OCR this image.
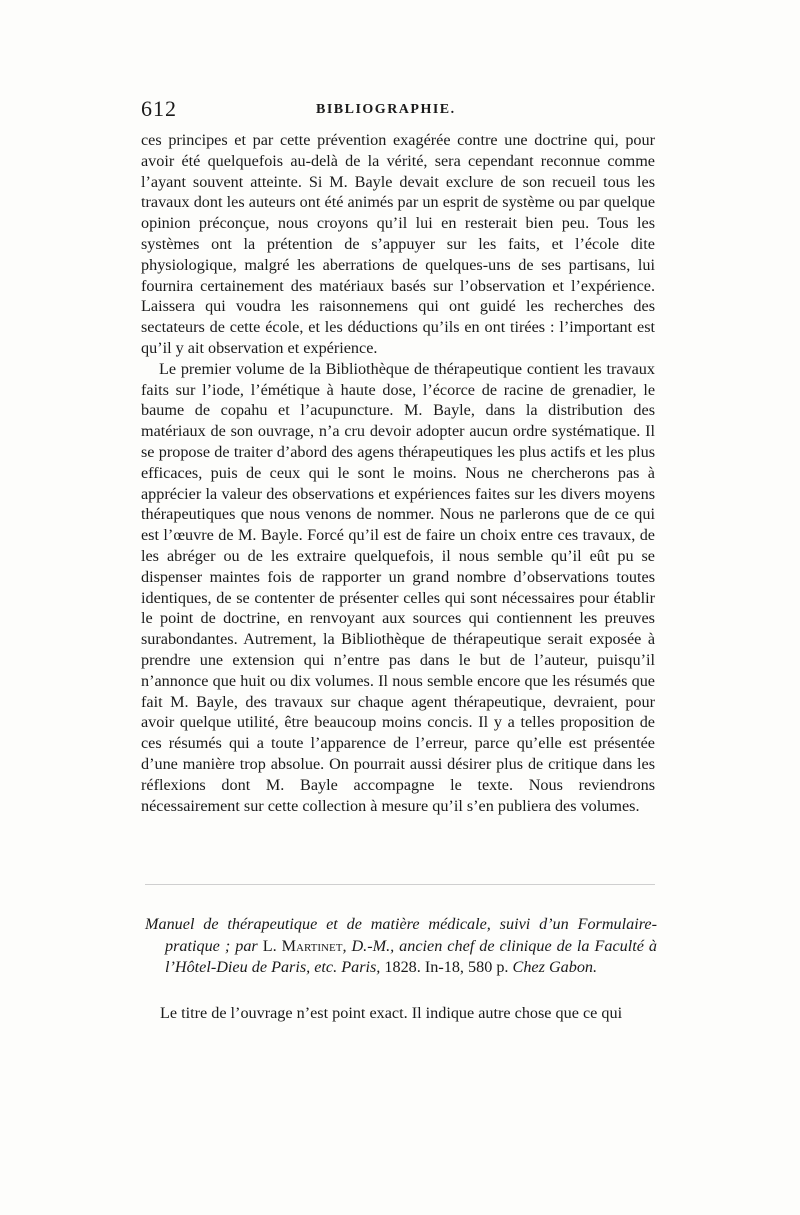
612	BIBLIOGRAPHIE.

ces principes et par cette prévention exagérée contre une doctrine qui, pour avoir été quelquefois au-delà de la vérité, sera cependant reconnue comme l’ayant souvent atteinte. Si M. Bayle devait exclure de son recueil tous les travaux dont les auteurs ont été animés par un esprit de système ou par quelque opinion préconçue, nous croyons qu’il lui en resterait bien peu. Tous les systèmes ont la prétention de s’appuyer sur les faits, et l’école dite physiologique, malgré les aberrations de quelques-uns de ses partisans, lui fournira certainement des matériaux basés sur l’observation et l’expérience. Laissera qui voudra les raisonnemens qui ont guidé les recherches des sectateurs de cette école, et les déductions qu’ils en ont tirées : l’important est qu’il y ait observation et expérience.

Le premier volume de la Bibliothèque de thérapeutique contient les travaux faits sur l’iode, l’émétique à haute dose, l’écorce de racine de grenadier, le baume de copahu et l’acupuncture. M. Bayle, dans la distribution des matériaux de son ouvrage, n’a cru devoir adopter aucun ordre systématique. Il se propose de traiter d’abord des agens thérapeutiques les plus actifs et les plus efficaces, puis de ceux qui le sont le moins. Nous ne chercherons pas à apprécier la valeur des observations et expériences faites sur les divers moyens thérapeutiques que nous venons de nommer. Nous ne parlerons que de ce qui est l’œuvre de M. Bayle. Forcé qu’il est de faire un choix entre ces travaux, de les abréger ou de les extraire quelquefois, il nous semble qu’il eût pu se dispenser maintes fois de rapporter un grand nombre d’observations toutes identiques, de se contenter de présenter celles qui sont nécessaires pour établir le point de doctrine, en renvoyant aux sources qui contiennent les preuves surabondantes. Autrement, la Bibliothèque de thérapeutique serait exposée à prendre une extension qui n’entre pas dans le but de l’auteur, puisqu’il n’annonce que huit ou dix volumes. Il nous semble encore que les résumés que fait M. Bayle, des travaux sur chaque agent thérapeutique, devraient, pour avoir quelque utilité, être beaucoup moins concis. Il y a telles proposition de ces résumés qui a toute l’apparence de l’erreur, parce qu’elle est présentée d’une manière trop absolue. On pourrait aussi désirer plus de critique dans les réflexions dont M. Bayle accompagne le texte. Nous reviendrons nécessairement sur cette collection à mesure qu’il s’en publiera des volumes.

Manuel de thérapeutique et de matière médicale, suivi d’un Formulaire-pratique ; par L. Martinet, D.-M., ancien chef de clinique de la Faculté à l’Hôtel-Dieu de Paris, etc. Paris, 1828. In-18, 580 p. Chez Gabon.
Le titre de l’ouvrage n’est point exact. Il indique autre chose que ce qui
